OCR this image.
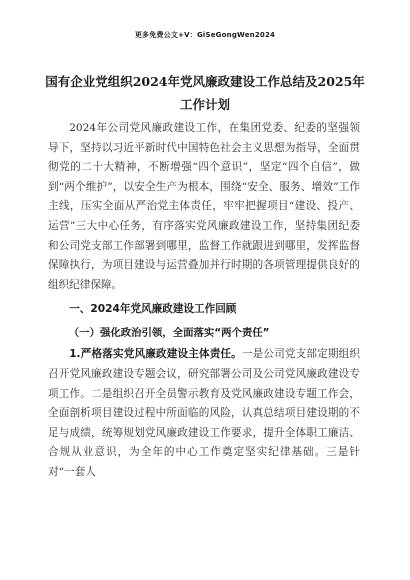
更多免费公文+V：GiSeGongWen2024
国有企业党组织2024年党风廉政建设工作总结及2025年工作计划

2024年公司党风廉政建设工作，在集团党委、纪委的坚强领导下，坚持以习近平新时代中国特色社会主义思想为指导，全面贯彻党的二十大精神，不断增强“四个意识”，坚定“四个自信”，做到“两个维护”，以安全生产为根本，围绕“安全、服务、增效”工作主线，压实全面从严治党主体责任，牢牢把握项目“建设、投产、运营”三大中心任务，有序落实党风廉政建设工作，坚持集团纪委和公司党支部工作部署到哪里，监督工作就跟进到哪里，发挥监督保障执行，为项目建设与运营叠加并行时期的各项管理提供良好的组织纪律保障。

一、2024年党风廉政建设工作回顾

（一）强化政治引领，全面落实“两个责任”

1.严格落实党风廉政建设主体责任。一是公司党支部定期组织召开党风廉政建设专题会议，研究部署公司及公司党风廉政建设专项工作。二是组织召开全员警示教育及党风廉政建设专题工作会，全面剖析项目建设过程中所面临的风险，认真总结项目建设期的不足与成绩，统筹规划党风廉政建设工作要求，提升全体职工廉洁、合规从业意识，为全年的中心工作奠定坚实纪律基础。三是针对“一套人
